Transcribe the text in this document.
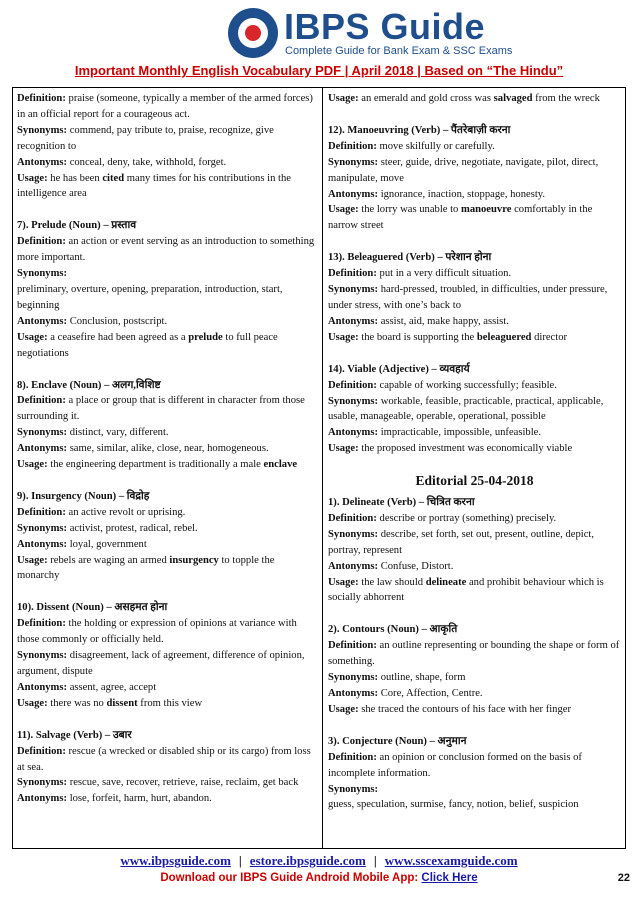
IBPS Guide
Complete Guide for Bank Exam & SSC Exams
Important Monthly English Vocabulary PDF | April 2018 | Based on “The Hindu”

Definition: praise (someone, typically a member of the armed forces) in an official report for a courageous act.

Synonyms: commend, pay tribute to, praise, recognize, give recognition to

Antonyms: conceal, deny, take, withhold, forget.

Usage: he has been cited many times for his contributions in the intelligence area

7). Prelude (Noun) – प्रस्ताव

Definition: an action or event serving as an introduction to something more important.

Synonyms:

preliminary, overture, opening, preparation, introduction, start, beginning

Antonyms: Conclusion, postscript.

Usage: a ceasefire had been agreed as a prelude to full peace negotiations

8). Enclave (Noun) – अलग,विशिष्ट

Definition: a place or group that is different in character from those surrounding it.

Synonyms: distinct, vary, different.

Antonyms: same, similar, alike, close, near, homogeneous.

Usage: the engineering department is traditionally a male enclave

9). Insurgency (Noun) – विद्रोह

Definition: an active revolt or uprising.

Synonyms: activist, protest, radical, rebel.

Antonyms: loyal, government

Usage: rebels are waging an armed insurgency to topple the monarchy

10). Dissent (Noun) – असहमत होना

Definition: the holding or expression of opinions at variance with those commonly or officially held.

Synonyms: disagreement, lack of agreement, difference of opinion, argument, dispute

Antonyms: assent, agree, accept

Usage: there was no dissent from this view

11). Salvage (Verb) – उबार

Definition: rescue (a wrecked or disabled ship or its cargo) from loss at sea.

Synonyms: rescue, save, recover, retrieve, raise, reclaim, get back

Antonyms: lose, forfeit, harm, hurt, abandon.

Usage: an emerald and gold cross was salvaged from the wreck

12). Manoeuvring (Verb) – पैंतरेबाज़ी करना

Definition: move skilfully or carefully.

Synonyms: steer, guide, drive, negotiate, navigate, pilot, direct, manipulate, move

Antonyms: ignorance, inaction, stoppage, honesty.

Usage: the lorry was unable to manoeuvre comfortably in the narrow street

13). Beleaguered (Verb) – परेशान होना

Definition: put in a very difficult situation.

Synonyms: hard-pressed, troubled, in difficulties, under pressure, under stress, with one’s back to

Antonyms: assist, aid, make happy, assist.

Usage: the board is supporting the beleaguered director

14). Viable (Adjective) – व्यवहार्य

Definition: capable of working successfully; feasible.

Synonyms: workable, feasible, practicable, practical, applicable, usable, manageable, operable, operational, possible

Antonyms: impracticable, impossible, unfeasible.

Usage: the proposed investment was economically viable

Editorial 25-04-2018

1). Delineate (Verb) – चित्रित करना

Definition: describe or portray (something) precisely.

Synonyms: describe, set forth, set out, present, outline, depict, portray, represent

Antonyms: Confuse, Distort.

Usage: the law should delineate and prohibit behaviour which is socially abhorrent

2). Contours (Noun) – आकृति

Definition: an outline representing or bounding the shape or form of something.

Synonyms: outline, shape, form

Antonyms: Core, Affection, Centre.

Usage: she traced the contours of his face with her finger

3). Conjecture (Noun) – अनुमान

Definition: an opinion or conclusion formed on the basis of incomplete information.

Synonyms:

guess, speculation, surmise, fancy, notion, belief, suspicion

www.ibpsguide.com | estore.ibpsguide.com | www.sscexamguide.com
Download our IBPS Guide Android Mobile App: Click Here	22
